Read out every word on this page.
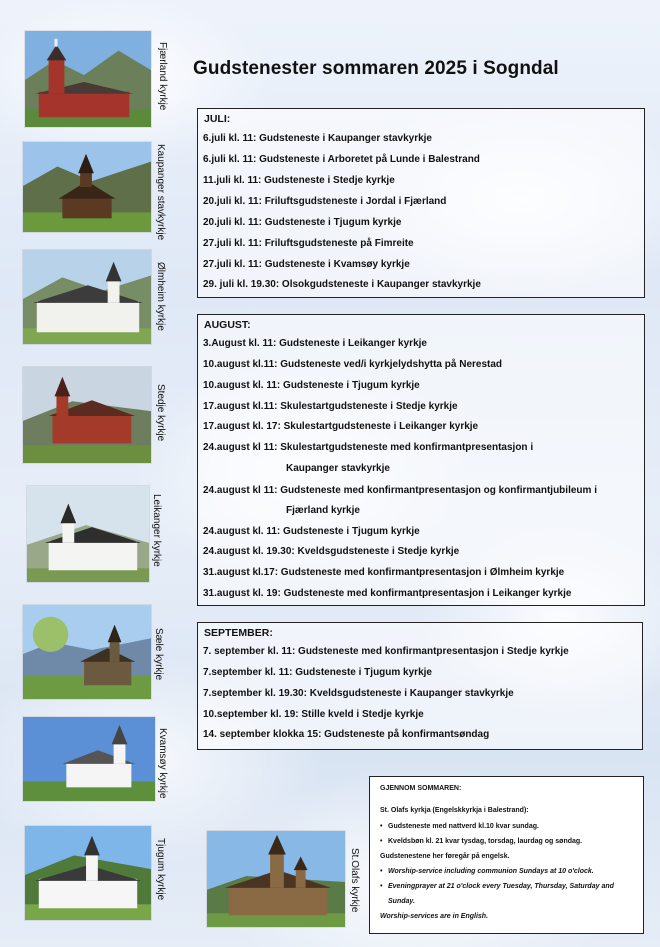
Gudstenester sommaren 2025 i Sogndal
Fjærland kyrkje
Kaupanger stavkyrkje
Ølmheim kyrkje
Stedje kyrkje
Leikanger kyrkje
Sæle kyrkje
Kvamsøy kyrkje
Tjugum kyrkje	St.Olafs kyrkje
JULI:
6.juli kl. 11: Gudsteneste i Kaupanger stavkyrkje
6.juli kl. 11: Gudsteneste i Arboretet på Lunde i Balestrand
11.juli kl. 11: Gudsteneste i Stedje kyrkje
20.juli kl. 11: Friluftsgudsteneste i Jordal i Fjærland
20.juli kl. 11: Gudsteneste i Tjugum kyrkje
27.juli kl. 11: Friluftsgudsteneste på Fimreite
27.juli kl. 11: Gudsteneste i Kvamsøy kyrkje
29. juli kl. 19.30: Olsokgudsteneste i Kaupanger stavkyrkje
AUGUST:
3.August kl. 11: Gudsteneste i Leikanger kyrkje
10.august kl.11: Gudsteneste ved/i kyrkjelydshytta på Nerestad
10.august kl. 11: Gudsteneste i Tjugum kyrkje
17.august kl.11: Skulestartgudsteneste i Stedje kyrkje
17.august kl. 17: Skulestartgudsteneste i Leikanger kyrkje
24.august kl 11: Skulestartgudsteneste med konfirmantpresentasjon i
Kaupanger stavkyrkje
24.august kl 11: Gudsteneste med konfirmantpresentasjon og konfirmantjubileum i
Fjærland kyrkje
24.august kl. 11: Gudsteneste i Tjugum kyrkje
24.august kl. 19.30: Kveldsgudsteneste i Stedje kyrkje
31.august kl.17: Gudsteneste med konfirmantpresentasjon i Ølmheim kyrkje
31.august kl. 19: Gudsteneste med konfirmantpresentasjon i Leikanger kyrkje
SEPTEMBER:
7. september kl. 11: Gudsteneste med konfirmantpresentasjon i Stedje kyrkje
7.september kl. 11: Gudsteneste i Tjugum kyrkje
7.september kl. 19.30: Kveldsgudsteneste i Kaupanger stavkyrkje
10.september kl. 19: Stille kveld i Stedje kyrkje
14. september klokka 15: Gudsteneste på konfirmantsøndag
GJENNOM SOMMAREN:
St. Olafs kyrkja (Engelskkyrkja i Balestrand):
• Gudsteneste med nattverd kl.10 kvar sundag.
• Kveldsbøn kl. 21 kvar tysdag, torsdag, laurdag og søndag.
Gudstenestene her føregår på engelsk.
• Worship-service including communion Sundays at 10 o'clock.
• Eveningprayer at 21 o'clock every Tuesday, Thursday, Saturday and
Sunday.
Worship-services are in English.
